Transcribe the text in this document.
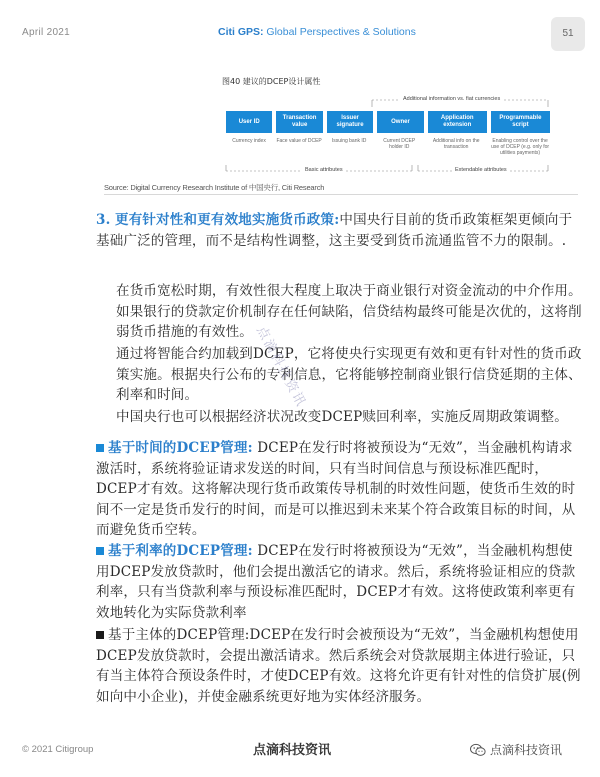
April 2021	Citi GPS: Global Perspectives & Solutions	51
图40 建议的DCEP设计属性
Additional information vs. fiat currencies
User ID
Transaction value
Issuer signature
Owner
Application extension
Programmable script
Currency index	Face value of DCEP	Issuing bank ID	Current DCEP holder ID
Additional info on the transaction
Enabling control over the use of DCEP (e.g. only for utilities payments)
Basic attributes	Extendable attributes
Source: Digital Currency Research Institute of 中国央行, Citi Research
3. 更有针对性和更有效地实施货币政策:中国央行目前的货币政策框架更倾向于基础广泛的管理，而不是结构性调整，这主要受到货币流通监管不力的限制。.
在货币宽松时期，有效性很大程度上取决于商业银行对资金流动的中介作用。如果银行的贷款定价机制存在任何缺陷，信贷结构最终可能是次优的，这将削弱货币措施的有效性。
通过将智能合约加载到DCEP，它将使央行实现更有效和更有针对性的货币政策实施。根据央行公布的专利信息，它将能够控制商业银行信贷延期的主体、利率和时间。
中国央行也可以根据经济状况改变DCEP赎回利率，实施反周期政策调整。
基于时间的DCEP管理: DCEP在发行时将被预设为“无效”，当金融机构请求激活时，系统将验证请求发送的时间，只有当时间信息与预设标准匹配时，DCEP才有效。这将解决现行货币政策传导机制的时效性问题，使货币生效的时间不一定是货币发行的时间，而是可以推迟到未来某个符合政策目标的时间，从而避免货币空转。
基于利率的DCEP管理: DCEP在发行时将被预设为“无效”，当金融机构想使用DCEP发放贷款时，他们会提出激活它的请求。然后，系统将验证相应的贷款利率，只有当贷款利率与预设标准匹配时，DCEP才有效。这将使政策利率更有效地转化为实际贷款利率
基于主体的DCEP管理:DCEP在发行时会被预设为“无效”，当金融机构想使用DCEP发放贷款时，会提出激活请求。然后系统会对贷款展期主体进行验证，只有当主体符合预设条件时，才使DCEP有效。这将允许更有针对性的信贷扩展(例如向中小企业)，并使金融系统更好地为实体经济服务。
点滴科技资讯
© 2021 Citigroup	点滴科技资讯	点滴科技资讯
